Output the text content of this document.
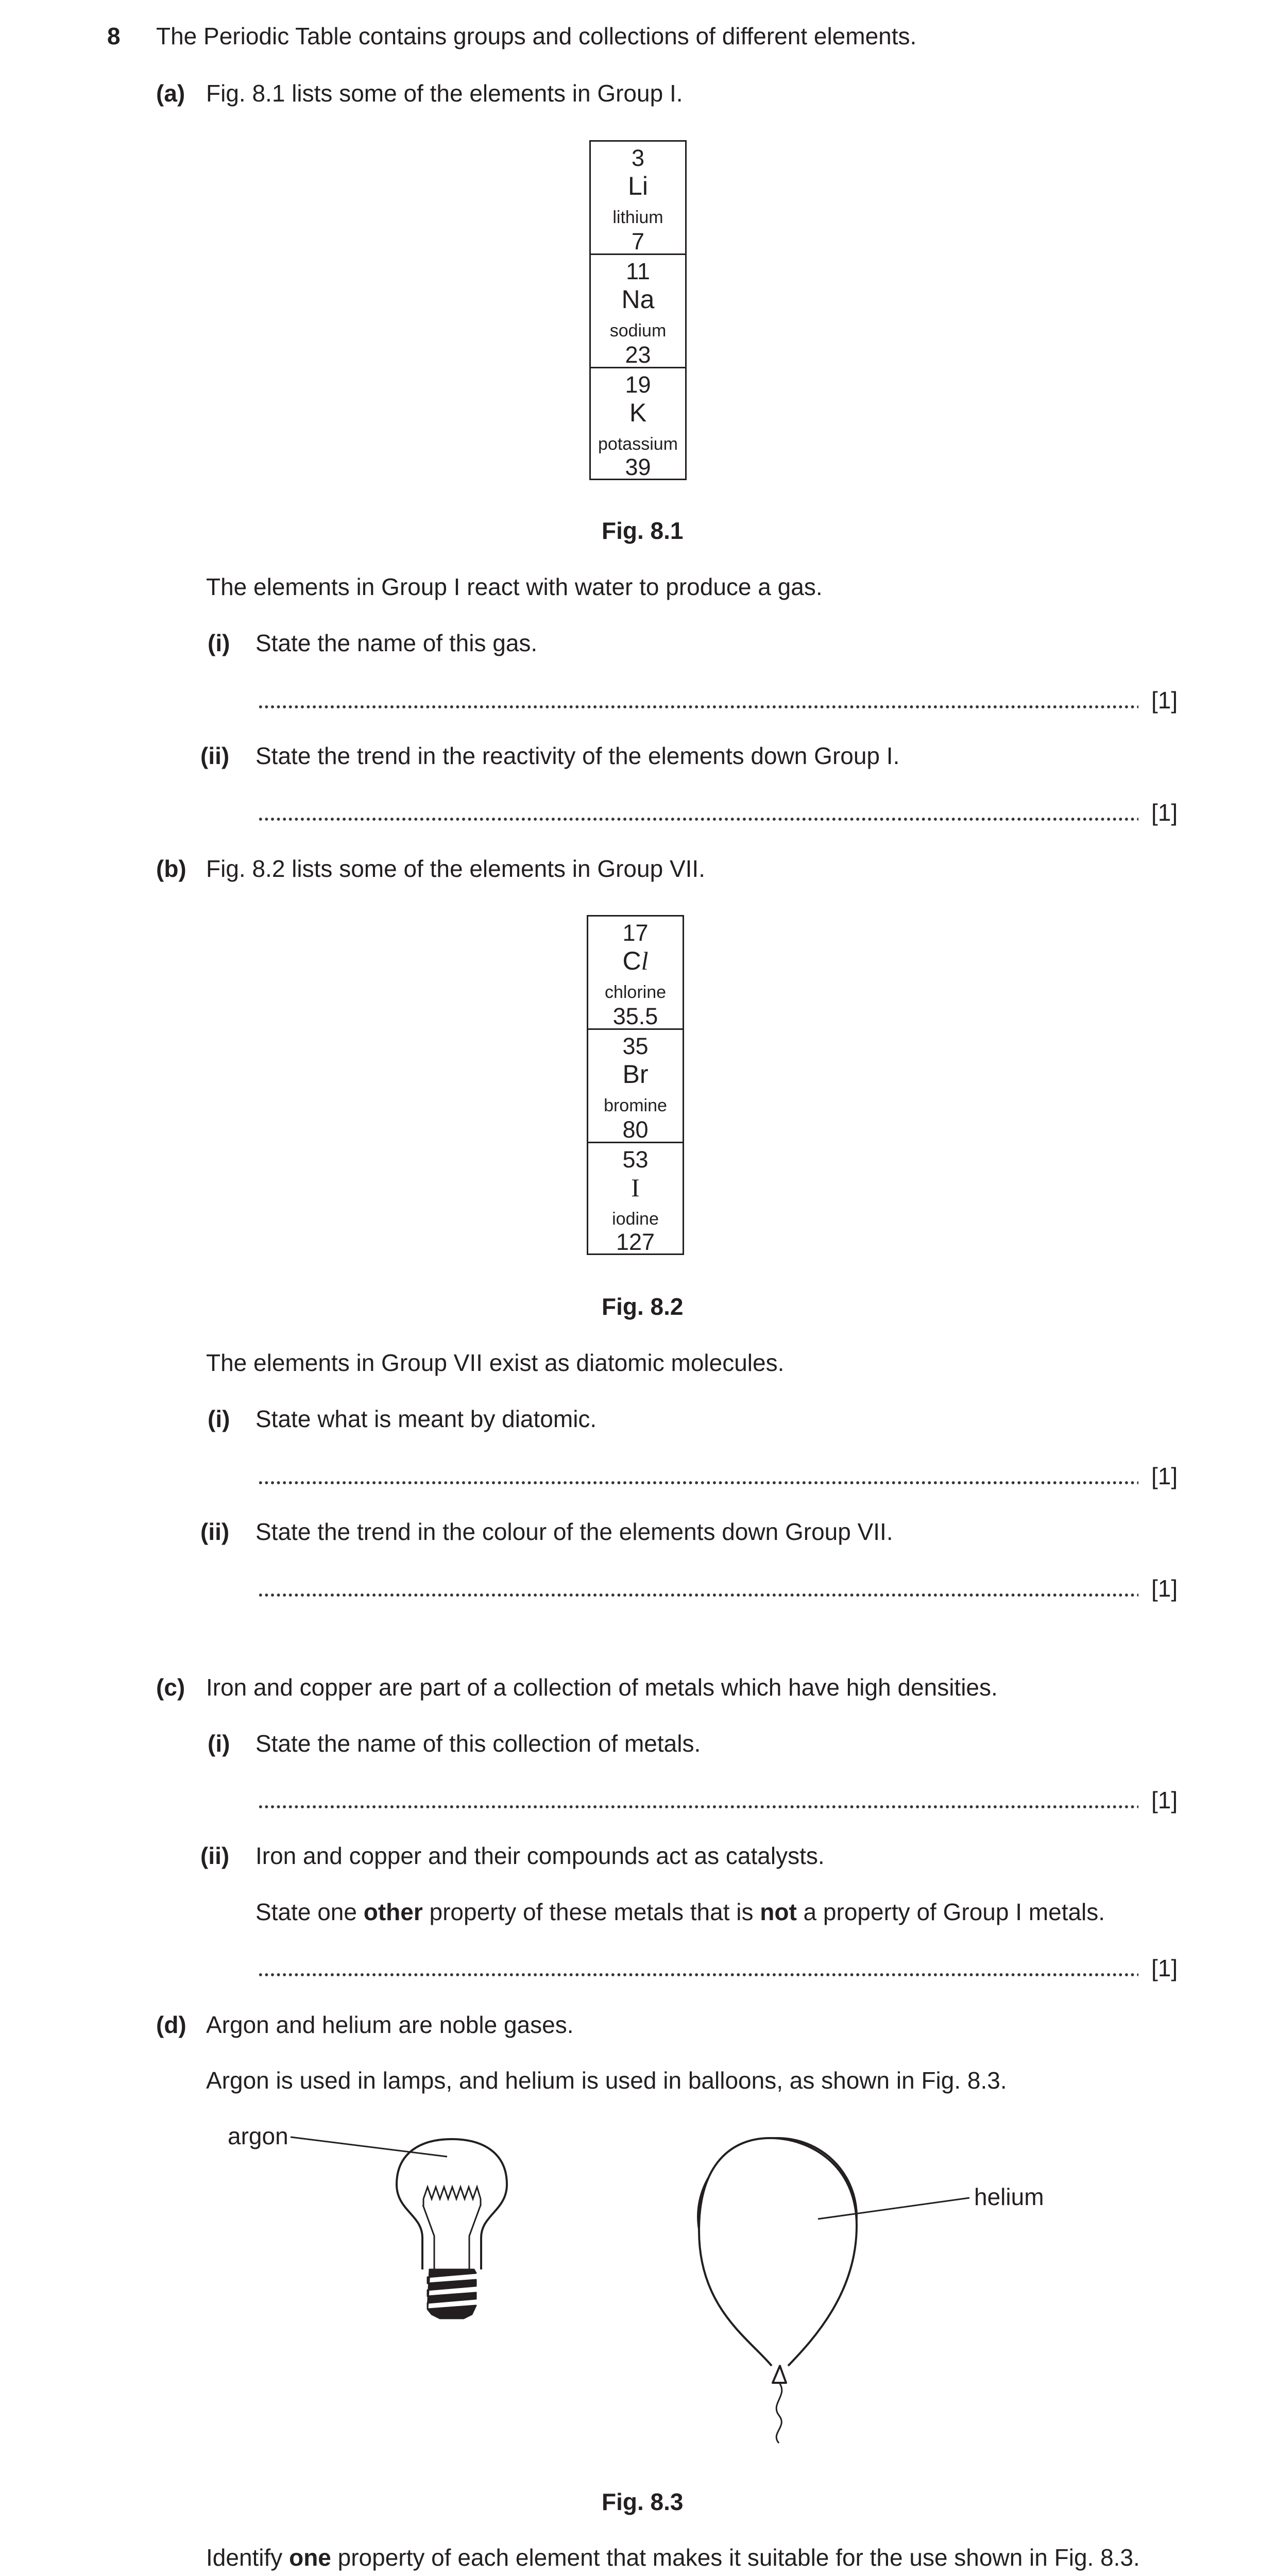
8 The Periodic Table contains groups and collections of different elements.
(a) Fig. 8.1 lists some of the elements in Group I.
3
Li
lithium
7
11
Na
sodium
23
19
K
potassium
39
Fig. 8.1
The elements in Group I react with water to produce a gas.
(i) State the name of this gas.
[1]
(ii) State the trend in the reactivity of the elements down Group I.
[1]
(b) Fig. 8.2 lists some of the elements in Group VII.
17
Cl
chlorine
35.5
35
Br
bromine
80
53
I
iodine
127
Fig. 8.2
The elements in Group VII exist as diatomic molecules.
(i) State what is meant by diatomic.
[1]
(ii) State the trend in the colour of the elements down Group VII.
[1]
(c) Iron and copper are part of a collection of metals which have high densities.
(i) State the name of this collection of metals.
[1]
(ii) Iron and copper and their compounds act as catalysts.
State one other property of these metals that is not a property of Group I metals.
[1]
(d) Argon and helium are noble gases.
Argon is used in lamps, and helium is used in balloons, as shown in Fig. 8.3.
argon
helium
Fig. 8.3
Identify one property of each element that makes it suitable for the use shown in Fig. 8.3.
